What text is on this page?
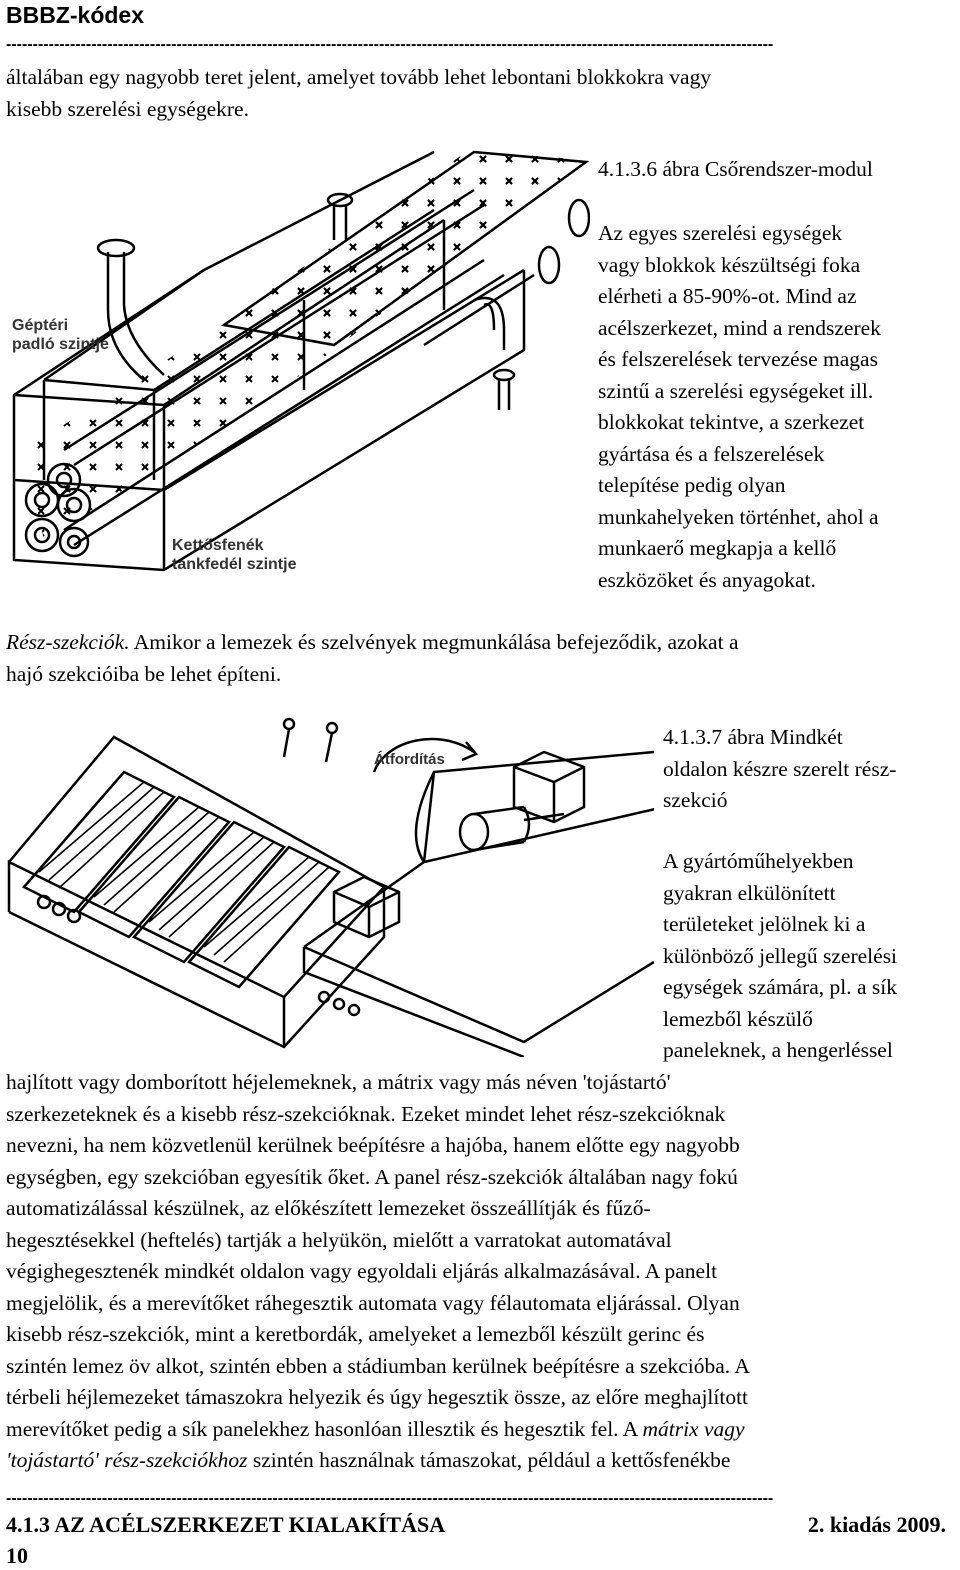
BBBZ-kódex
------------------------------------------------------------------------------------------------------------------------------------------------
általában egy nagyobb teret jelent, amelyet tovább lehet lebontani blokkokra vagy
kisebb szerelési egységekre.
Géptéri
padló szintje
Kettősfenék
tankfedél szintje
4.1.3.6 ábra Csőrendszer-modul
Az egyes szerelési egységek
vagy blokkok készültségi foka
elérheti a 85-90%-ot. Mind az
acélszerkezet, mind a rendszerek
és felszerelések tervezése magas
szintű a szerelési egységeket ill.
blokkokat tekintve, a szerkezet
gyártása és a felszerelések
telepítése pedig olyan
munkahelyeken történhet, ahol a
munkaerő megkapja a kellő
eszközöket és anyagokat.
Rész-szekciók. Amikor a lemezek és szelvények megmunkálása befejeződik, azokat a
hajó szekcióiba be lehet építeni.
Átfordítás
4.1.3.7 ábra Mindkét
oldalon készre szerelt rész-
szekció
A gyártóműhelyekben
gyakran elkülönített
területeket jelölnek ki a
különböző jellegű szerelési
egységek számára, pl. a sík
lemezből készülő
paneleknek, a hengerléssel
hajlított vagy domborított héjelemeknek, a mátrix vagy más néven 'tojástartó'
szerkezeteknek és a kisebb rész-szekcióknak. Ezeket mindet lehet rész-szekcióknak
nevezni, ha nem közvetlenül kerülnek beépítésre a hajóba, hanem előtte egy nagyobb
egységben, egy szekcióban egyesítik őket. A panel rész-szekciók általában nagy fokú
automatizálással készülnek, az előkészített lemezeket összeállítják és fűző-
hegesztésekkel (heftelés) tartják a helyükön, mielőtt a varratokat automatával
végighegesztenék mindkét oldalon vagy egyoldali eljárás alkalmazásával. A panelt
megjelölik, és a merevítőket ráhegesztik automata vagy félautomata eljárással. Olyan
kisebb rész-szekciók, mint a keretbordák, amelyeket a lemezből készült gerinc és
szintén lemez öv alkot, szintén ebben a stádiumban kerülnek beépítésre a szekcióba. A
térbeli héjlemezeket támaszokra helyezik és úgy hegesztik össze, az előre meghajlított
merevítőket pedig a sík panelekhez hasonlóan illesztik és hegesztik fel. A mátrix vagy
'tojástartó' rész-szekciókhoz szintén használnak támaszokat, például a kettősfenékbe
------------------------------------------------------------------------------------------------------------------------------------------------
4.1.3 AZ ACÉLSZERKEZET KIALAKÍTÁSA	2. kiadás 2009.
10
